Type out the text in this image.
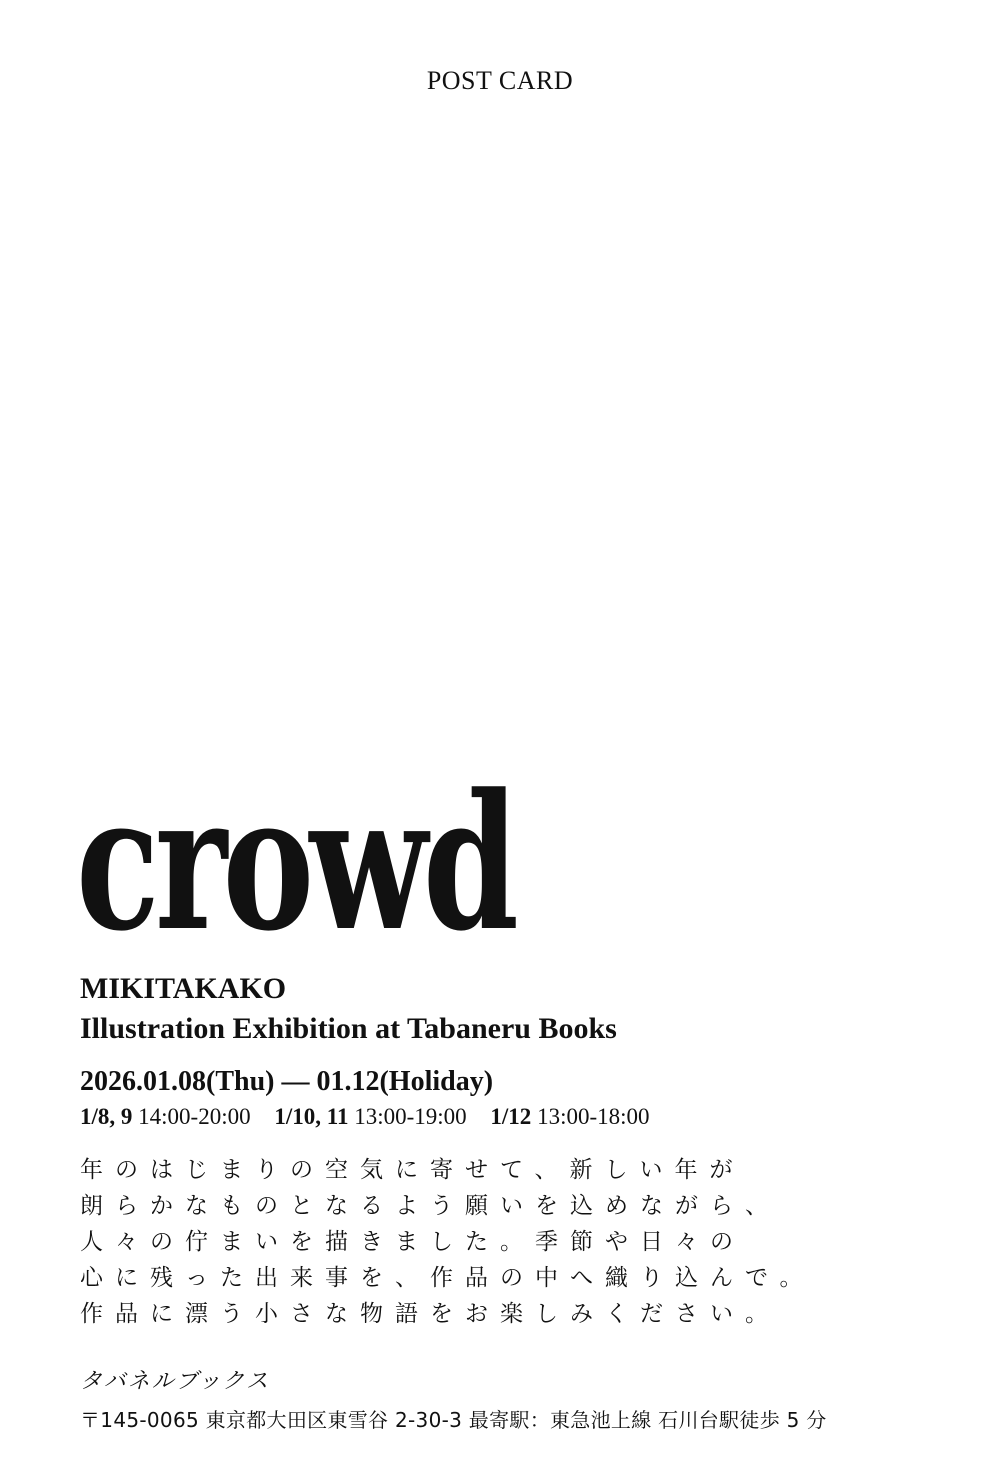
POST CARD
crowd
MIKITAKAKO
Illustration Exhibition at Tabaneru Books
2026.01.08(Thu) ― 01.12(Holiday)
1/8, 9 14:00-20:00 1/10, 11 13:00-19:00 1/12 13:00-18:00
年のはじまりの空気に寄せて、新しい年が
朗らかなものとなるよう願いを込めながら、
人々の佇まいを描きました。季節や日々の
心に残った出来事を、作品の中へ織り込んで。
作品に漂う小さな物語をお楽しみください。
タバネルブックス
〒145-0065 東京都大田区東雪谷 2-30-3 最寄駅：東急池上線 石川台駅徒歩 5 分
